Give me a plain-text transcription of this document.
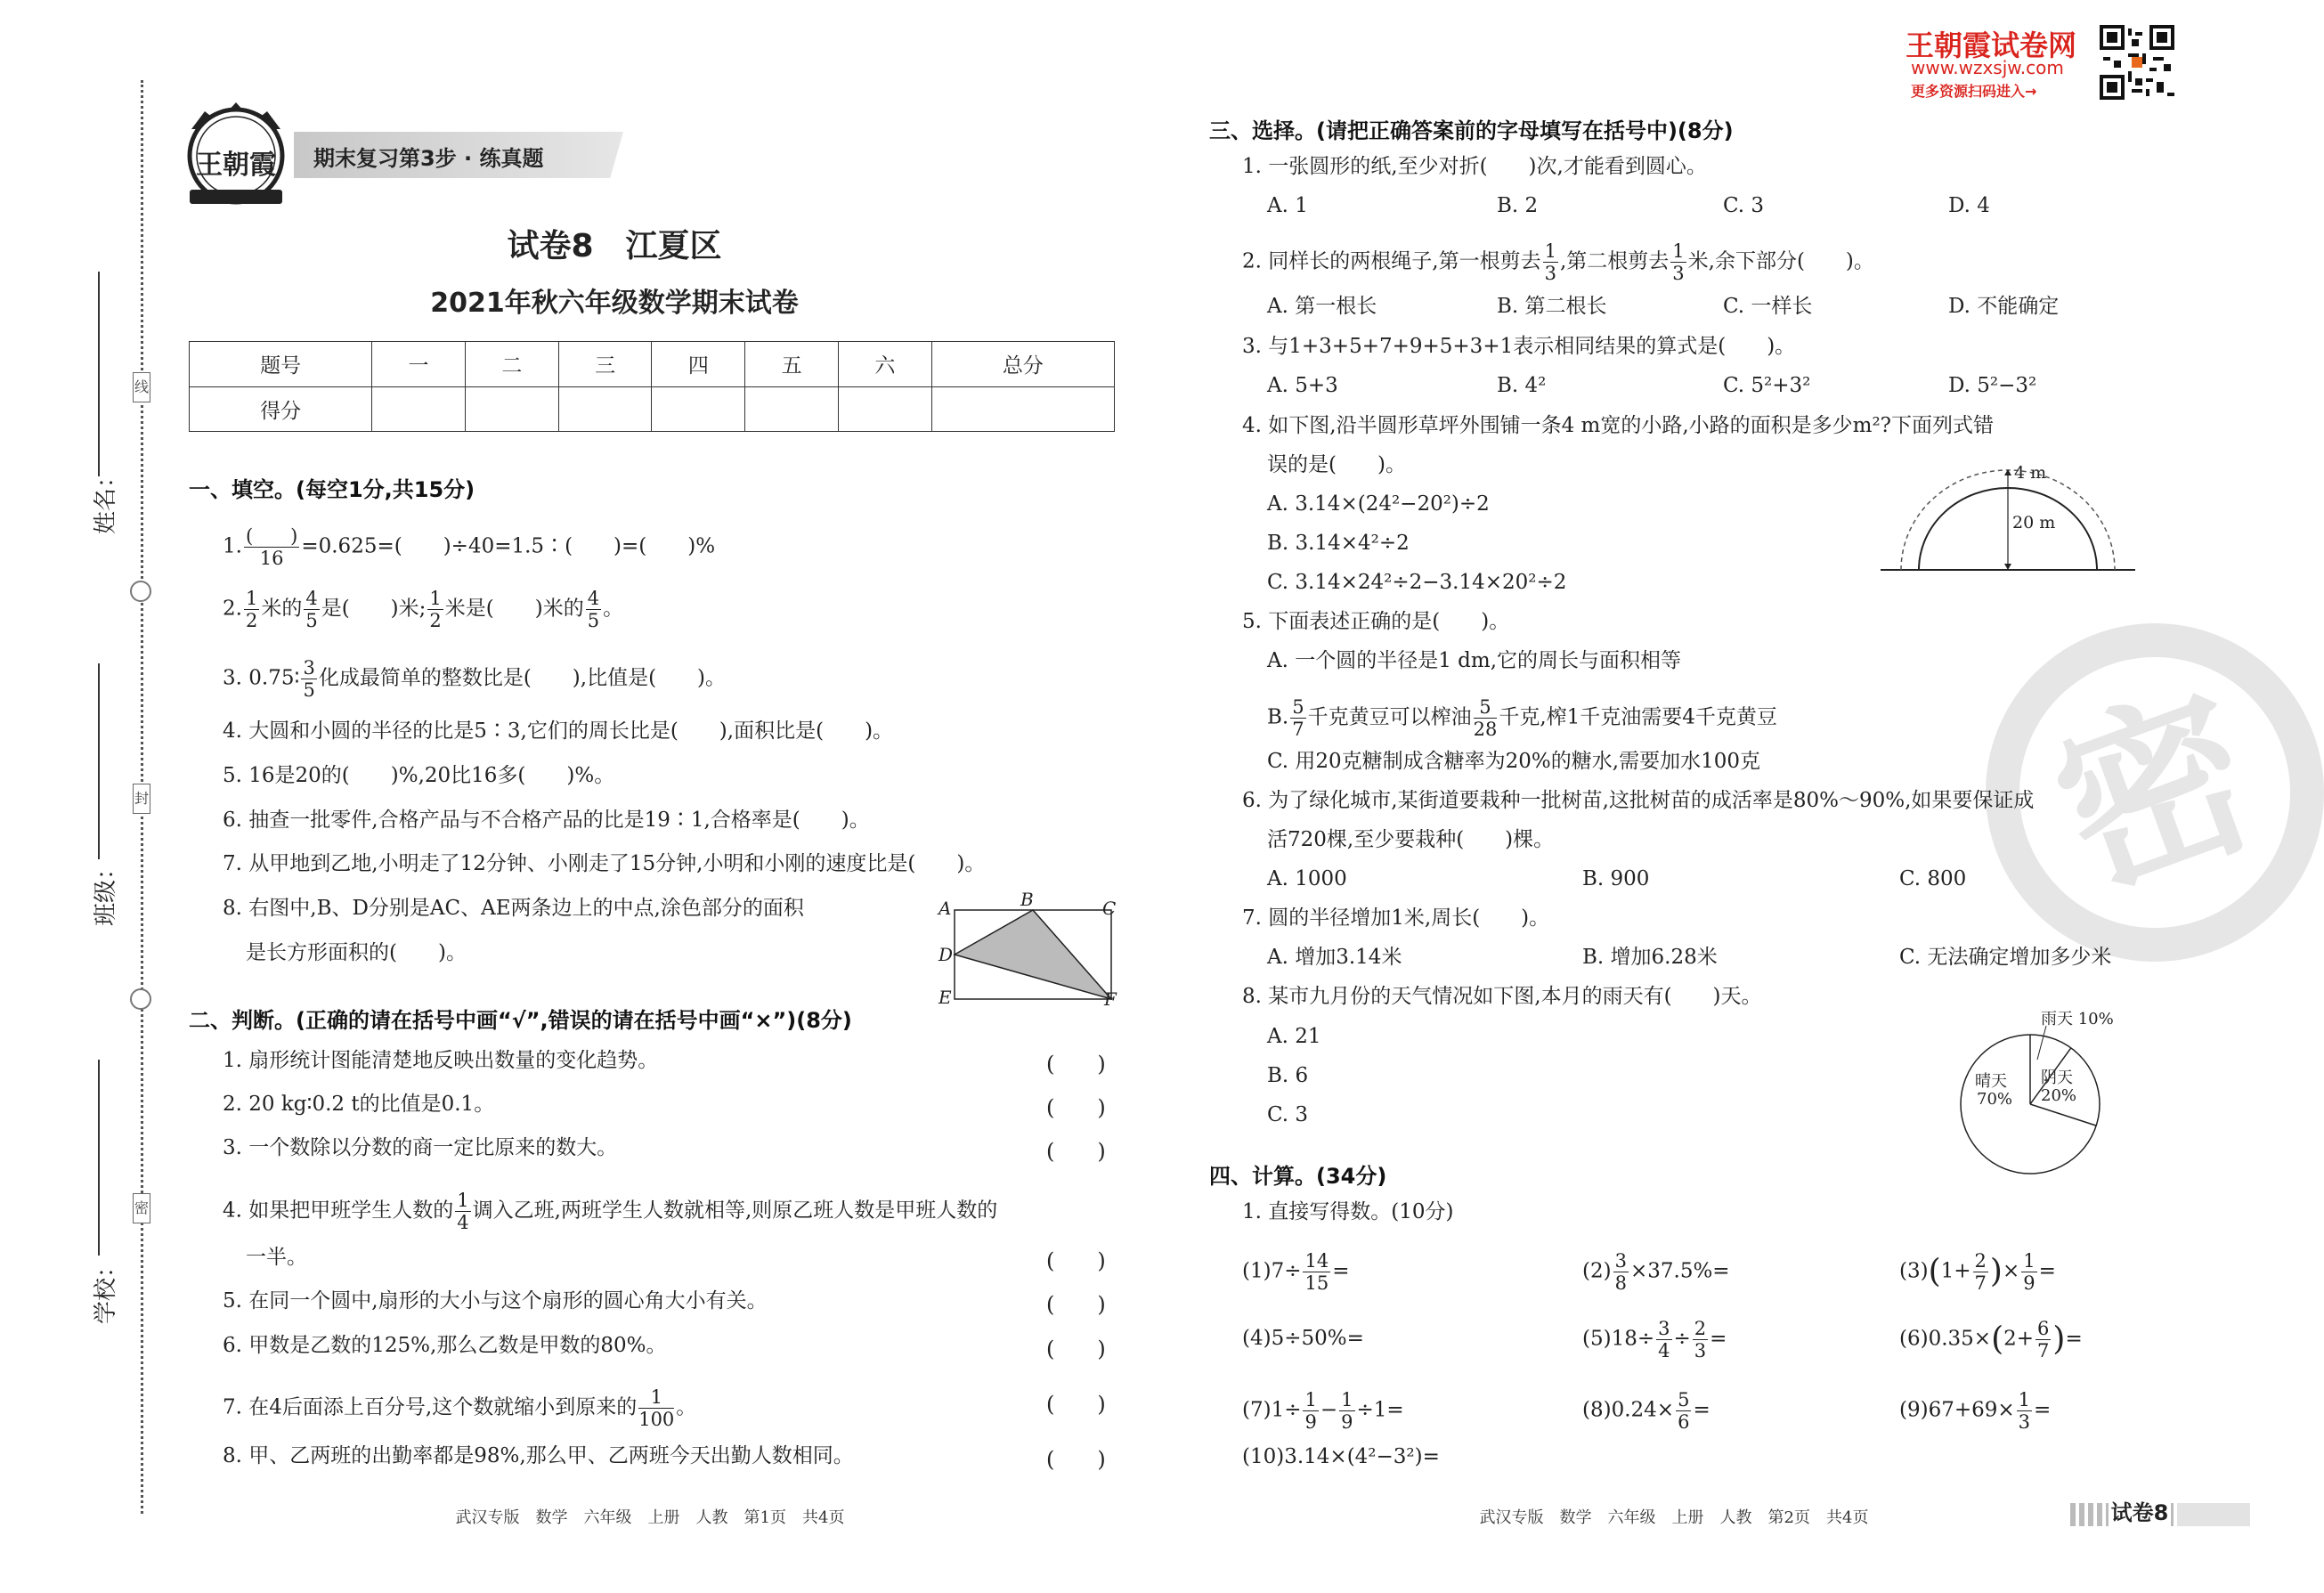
线
封
密
姓名：
班级：
学校：
王朝霞 期末复习第3步 · 练真题
试卷8　江夏区
2021年秋六年级数学期末试卷
题号	一	二	三	四	五	六	总分
得分							
一、填空。(每空1分,共15分)
1. $\frac{( )}{16} =0.625=$(　　)÷40=1.5∶(　　)=(　　)%
2. $\frac{1}{2}$ 米的 $\frac{4}{5}$ 是(　　)米; $\frac{1}{2}$ 米是(　　)米的 $\frac{4}{5}$ 。
3. 0.75∶ $\frac{3}{5}$ 化成最简单的整数比是(　　),比值是(　　)。
4. 大圆和小圆的半径的比是5∶3,它们的周长比是(　　),面积比是(　　)。
5. 16是20的(　　)%,20比16多(　　)%。
6. 抽查一批零件,合格产品与不合格产品的比是19∶1,合格率是(　　)。
7. 从甲地到乙地,小明走了12分钟、小刚走了15分钟,小明和小刚的速度比是(　　)。
8. 右图中,B、D分别是AC、AE两条边上的中点,涂色部分的面积
是长方形面积的(　　)。
A	B	C
D
E	F
二、判断。(正确的请在括号中画“√”,错误的请在括号中画“×”)(8分)
1. 扇形统计图能清楚地反映出数量的变化趋势。	(　　)
2. 20 kg∶0.2 t的比值是0.1。	(　　)
3. 一个数除以分数的商一定比原来的数大。	(　　)
4. 如果把甲班学生人数的 $\frac{1}{4}$ 调入乙班,两班学生人数就相等,则原乙班人数是甲班人数的
一半。	(　　)
5. 在同一个圆中,扇形的大小与这个扇形的圆心角大小有关。	(　　)
6. 甲数是乙数的125%,那么乙数是甲数的80%。	(　　)
7. 在4后面添上百分号,这个数就缩小到原来的 $\frac{1}{100}$ 。	(　　)
8. 甲、乙两班的出勤率都是98%,那么甲、乙两班今天出勤人数相同。	(　　)
武汉专版　数学　六年级　上册　人教　第1页　共4页
王朝霞试卷网
www.wzxsjw.com
更多资源扫码进入→
密
三、选择。(请把正确答案前的字母填写在括号中)(8分)
1. 一张圆形的纸,至少对折(　　)次,才能看到圆心。
A. 1	B. 2	C. 3	D. 4
2. 同样长的两根绳子,第一根剪去 $\frac{1}{3}$ ,第二根剪去 $\frac{1}{3}$ 米,余下部分(　　)。
A. 第一根长	B. 第二根长	C. 一样长	D. 不能确定
3. 与1+3+5+7+9+5+3+1表示相同结果的算式是(　　)。
A. 5+3	B. 4²	C. 5²+3²	D. 5²−3²
4. 如下图,沿半圆形草坪外围铺一条4 m宽的小路,小路的面积是多少m²?下面列式错
误的是(　　)。
A. 3.14×(24²−20²)÷2
B. 3.14×4²÷2
C. 3.14×24²÷2−3.14×20²÷2
4 m
20 m
5. 下面表述正确的是(　　)。
A. 一个圆的半径是1 dm,它的周长与面积相等
B. $\frac{5}{7}$ 千克黄豆可以榨油 $\frac{5}{28}$ 千克,榨1千克油需要4千克黄豆
C. 用20克糖制成含糖率为20%的糖水,需要加水100克
6. 为了绿化城市,某街道要栽种一批树苗,这批树苗的成活率是80%～90%,如果要保证成
活720棵,至少要栽种(　　)棵。
A. 1000	B. 900	C. 800
7. 圆的半径增加1米,周长(　　)。
A. 增加3.14米	B. 增加6.28米	C. 无法确定增加多少米
8. 某市九月份的天气情况如下图,本月的雨天有(　　)天。
A. 21
B. 6
C. 3
晴天
70%
阴天
20%
雨天 10%
四、计算。(34分)
1. 直接写得数。(10分)
$(1)7\div \frac{14}{15}$ =	$(2) \frac{3}{8} \times 37.5\%=$	$(3)(1+ \frac{2}{7}$ )× $\frac{1}{9}$ =
(4)5÷50%=	$(5)18\div \frac{3}{4} \div \frac{2}{3}$ =	$(6)0.35\times(2+ \frac{6}{7}$ )=
$(7)1\div \frac{1}{9} - \frac{1}{9} \div 1=$	$(8)0.24\times \frac{5}{6}$ =	$(9)67+69\times \frac{1}{3}$ =
(10)3.14×(4²−3²)=
武汉专版　数学　六年级　上册　人教　第2页　共4页	试卷8
